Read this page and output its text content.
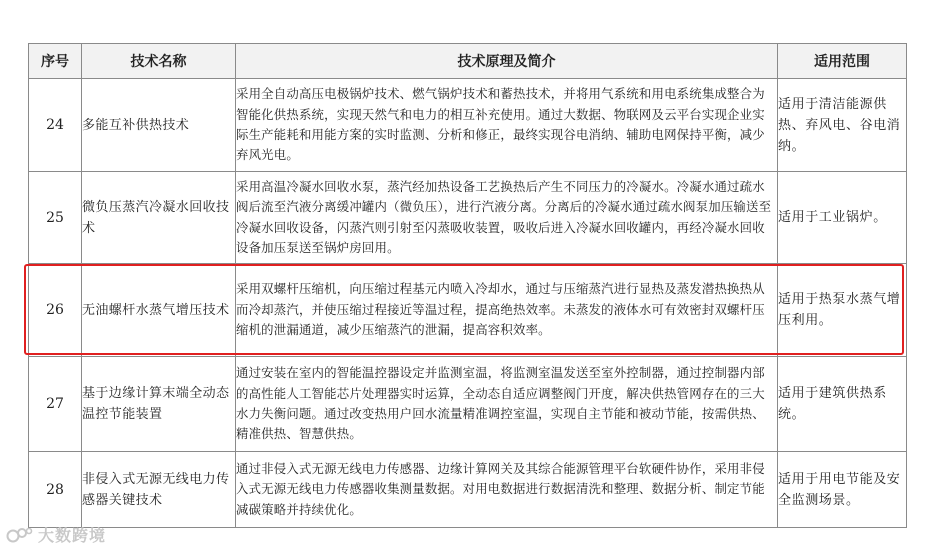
序号	技术名称	技术原理及简介	适用范围
24	多能互补供热技术	采用全自动高压电极锅炉技术、燃气锅炉技术和蓄热技术，并将用气系统和用电系统集成整合为智能化供热系统，实现天然气和电力的相互补充使用。通过大数据、物联网及云平台实现企业实际生产能耗和用能方案的实时监测、分析和修正，最终实现谷电消纳、辅助电网保持平衡，减少弃风光电。	适用于清洁能源供热、弃风电、谷电消纳。
25	微负压蒸汽冷凝水回收技术	采用高温冷凝水回收水泵，蒸汽经加热设备工艺换热后产生不同压力的冷凝水。冷凝水通过疏水阀后流至汽液分离缓冲罐内（微负压），进行汽液分离。分离后的冷凝水通过疏水阀泵加压输送至冷凝水回收设备，闪蒸汽则引射至闪蒸吸收装置，吸收后进入冷凝水回收罐内，再经冷凝水回收设备加压泵送至锅炉房回用。	适用于工业锅炉。
26	无油螺杆水蒸气增压技术	采用双螺杆压缩机，向压缩过程基元内喷入冷却水，通过与压缩蒸汽进行显热及蒸发潜热换热从而冷却蒸汽，并使压缩过程接近等温过程，提高绝热效率。未蒸发的液体水可有效密封双螺杆压缩机的泄漏通道，减少压缩蒸汽的泄漏，提高容积效率。	适用于热泵水蒸气增压利用。
27	基于边缘计算末端全动态温控节能装置	通过安装在室内的智能温控器设定并监测室温，将监测室温发送至室外控制器，通过控制器内部的高性能人工智能芯片处理器实时运算，全动态自适应调整阀门开度，解决供热管网存在的三大水力失衡问题。通过改变热用户回水流量精准调控室温，实现自主节能和被动节能，按需供热、精准供热、智慧供热。	适用于建筑供热系统。
28	非侵入式无源无线电力传感器关键技术	通过非侵入式无源无线电力传感器、边缘计算网关及其综合能源管理平台软硬件协作，采用非侵入式无源无线电力传感器收集测量数据。对用电数据进行数据清洗和整理、数据分析、制定节能减碳策略并持续优化。	适用于用电节能及安全监测场景。
大数跨境
